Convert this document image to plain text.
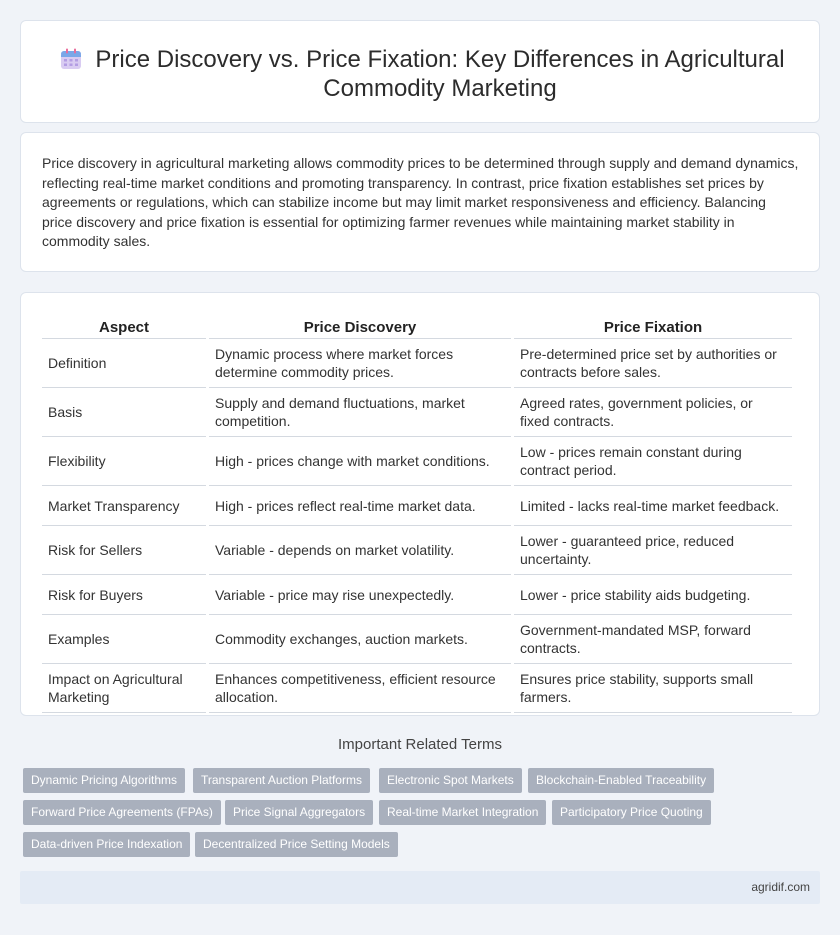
Price Discovery vs. Price Fixation: Key Differences in Agricultural Commodity Marketing

Price discovery in agricultural marketing allows commodity prices to be determined through supply and demand dynamics, reflecting real-time market conditions and promoting transparency. In contrast, price fixation establishes set prices by agreements or regulations, which can stabilize income but may limit market responsiveness and efficiency. Balancing price discovery and price fixation is essential for optimizing farmer revenues while maintaining market stability in commodity sales.

Aspect	Price Discovery	Price Fixation
Definition	Dynamic process where market forces determine commodity prices.	Pre-determined price set by authorities or contracts before sales.
Basis	Supply and demand fluctuations, market competition.	Agreed rates, government policies, or fixed contracts.
Flexibility	High - prices change with market conditions.	Low - prices remain constant during contract period.
Market Transparency	High - prices reflect real-time market data.	Limited - lacks real-time market feedback.
Risk for Sellers	Variable - depends on market volatility.	Lower - guaranteed price, reduced uncertainty.
Risk for Buyers	Variable - price may rise unexpectedly.	Lower - price stability aids budgeting.
Examples	Commodity exchanges, auction markets.	Government-mandated MSP, forward contracts.
Impact on Agricultural Marketing	Enhances competitiveness, efficient resource allocation.	Ensures price stability, supports small farmers.
Important Related Terms
Dynamic Pricing Algorithms	Transparent Auction Platforms	Electronic Spot Markets	Blockchain-Enabled Traceability
Forward Price Agreements (FPAs)	Price Signal Aggregators	Real-time Market Integration	Participatory Price Quoting
Data-driven Price Indexation	Decentralized Price Setting Models
agridif.com
